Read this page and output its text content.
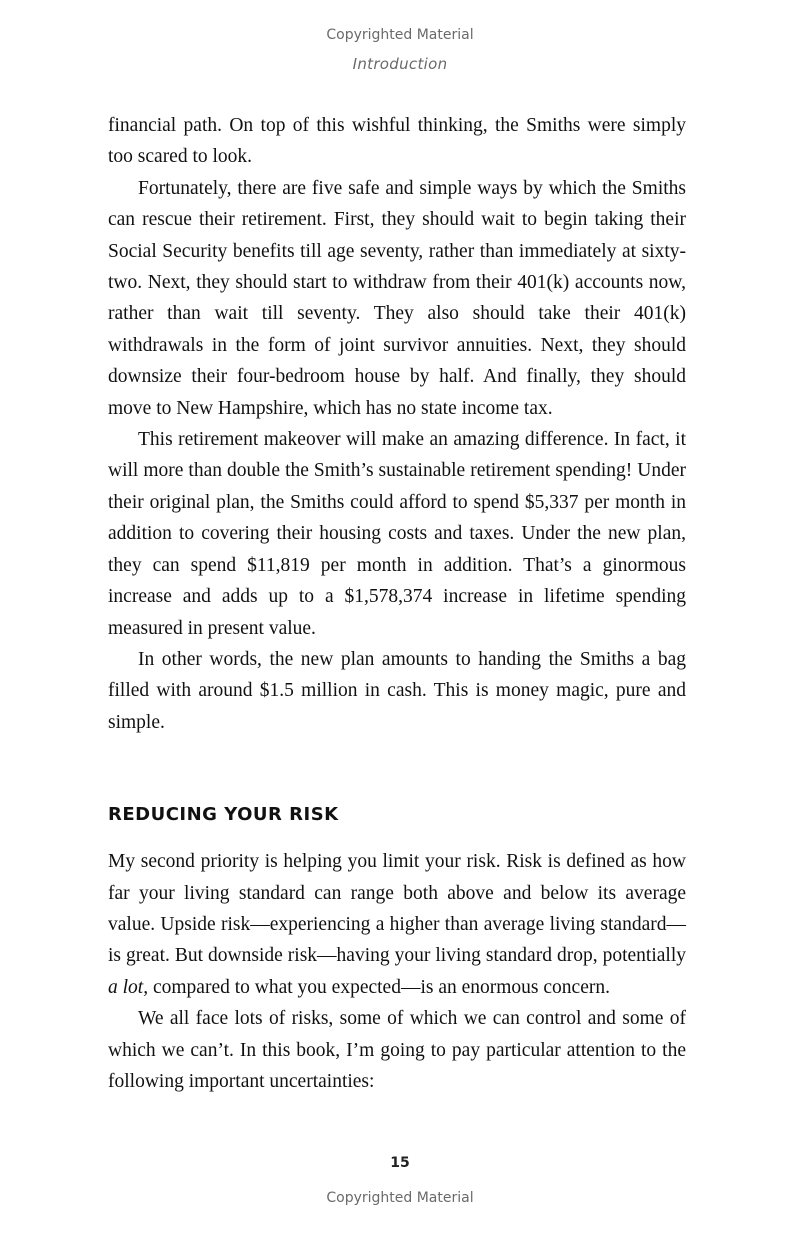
Copyrighted Material
Introduction

financial path. On top of this wishful thinking, the Smiths were simply too scared to look.

Fortunately, there are five safe and simple ways by which the Smiths can rescue their retirement. First, they should wait to begin taking their Social Security benefits till age seventy, rather than immediately at sixty-two. Next, they should start to withdraw from their 401(k) accounts now, rather than wait till seventy. They also should take their 401(k) withdrawals in the form of joint survivor annuities. Next, they should downsize their four-bedroom house by half. And finally, they should move to New Hampshire, which has no state income tax.

This retirement makeover will make an amazing difference. In fact, it will more than double the Smith’s sustainable retirement spending! Under their original plan, the Smiths could afford to spend $5,337 per month in addition to covering their housing costs and taxes. Under the new plan, they can spend $11,819 per month in addition. That’s a ginormous increase and adds up to a $1,578,374 increase in lifetime spending measured in present value.

In other words, the new plan amounts to handing the Smiths a bag filled with around $1.5 million in cash. This is money magic, pure and simple.

REDUCING YOUR RISK

My second priority is helping you limit your risk. Risk is defined as how far your living standard can range both above and below its average value. Upside risk—experiencing a higher than average living standard—is great. But downside risk—having your living standard drop, potentially a lot, compared to what you expected—is an enormous concern.

We all face lots of risks, some of which we can control and some of which we can’t. In this book, I’m going to pay particular attention to the following important uncertainties:

15
Copyrighted Material
